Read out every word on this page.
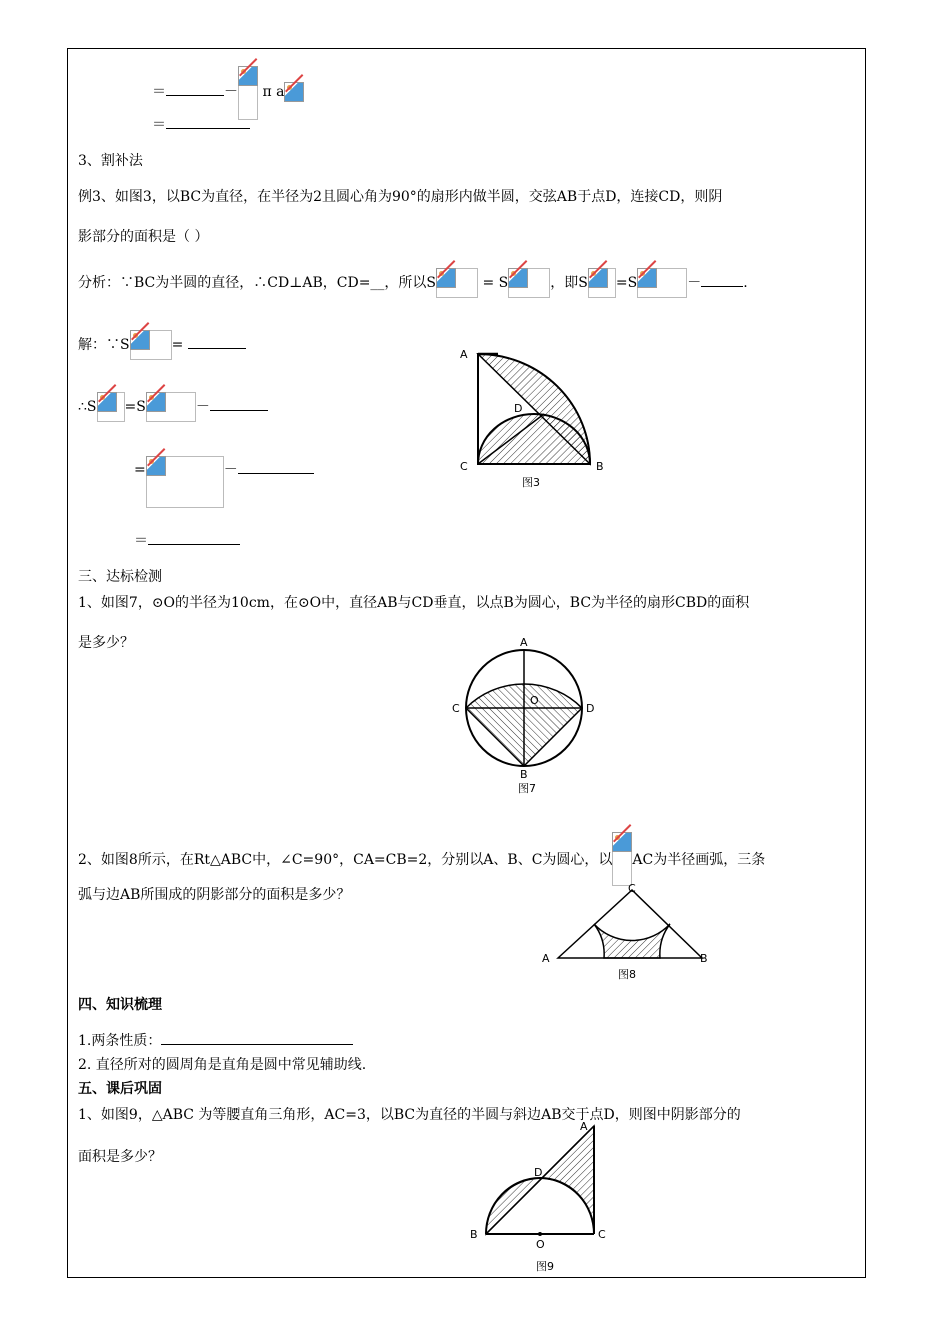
＝	－ π a
＝
3、割补法
例3、如图3，以BC为直径，在半径为2且圆心角为90°的扇形内做半圆，交弦AB于点D，连接CD，则阴
影部分的面积是（ ）
分析：∵BC为半圆的直径，∴CD⊥AB，CD=__，所以S	= S	，即S =S	－	.
解：∵S	=
∴S =S	－
=	－
＝
A
D
C	B
图3
三、达标检测
1、如图7，⊙O的半径为10cm，在⊙O中，直径AB与CD垂直，以点B为圆心，BC为半径的扇形CBD的面积
是多少？	A
C	D
O
B
图7
2、如图8所示，在Rt△ABC中，∠C=90°，CA=CB=2，分别以A、B、C为圆心，以 AC为半径画弧，三条
弧与边AB所围成的阴影部分的面积是多少？	C
A	B
图8
四、知识梳理
1.两条性质：
2. 直径所对的圆周角是直角是圆中常见辅助线.
五、课后巩固
1、如图9，△ABC 为等腰直角三角形，AC=3，以BC为直径的半圆与斜边AB交于点D，则图中阴影部分的
面积是多少？
A
D
B
O
C
图9
